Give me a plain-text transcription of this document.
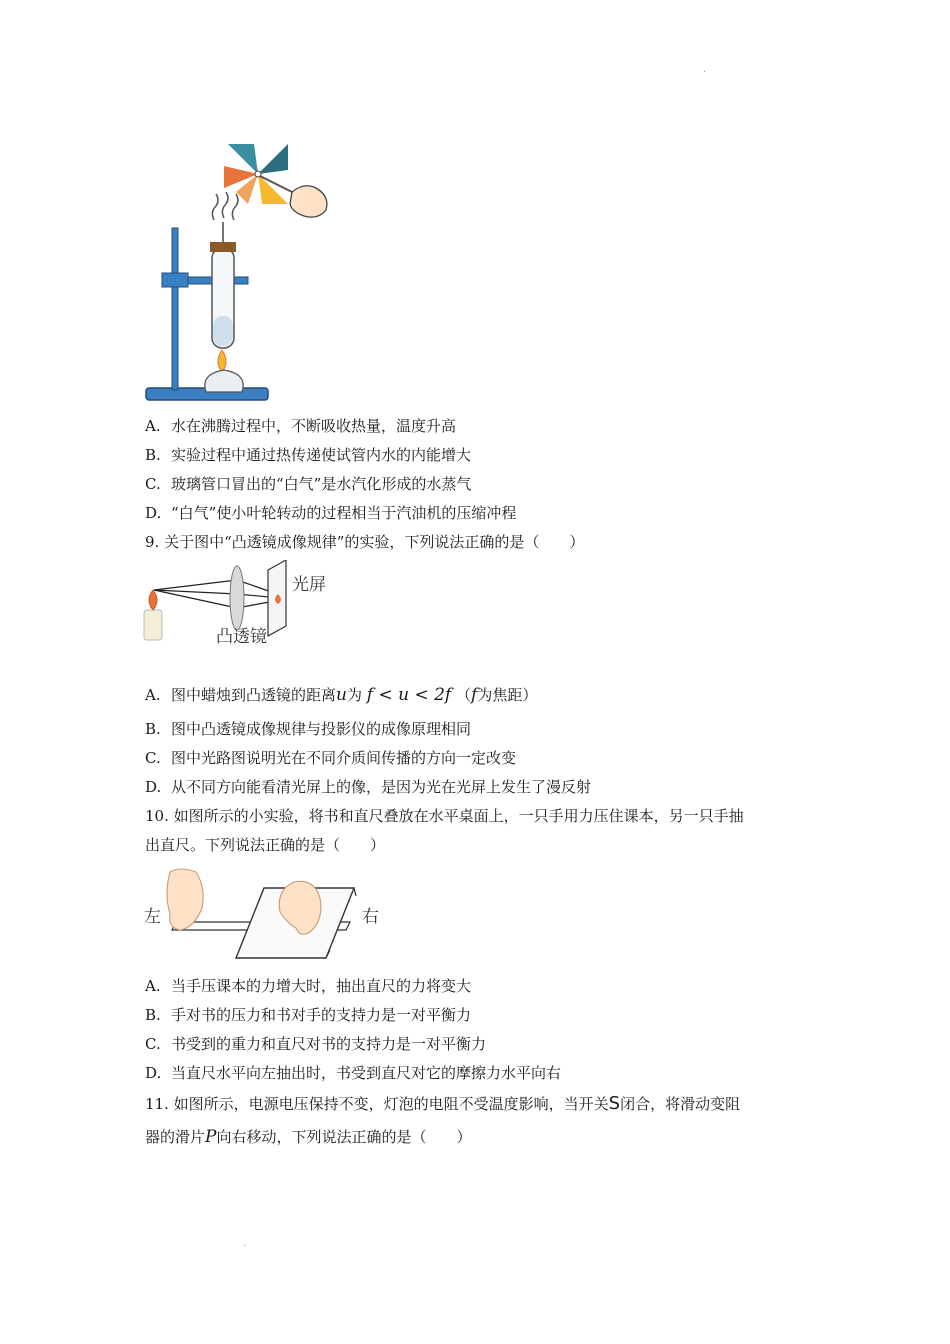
.
.
A. 水在沸腾过程中，不断吸收热量，温度升高
B. 实验过程中通过热传递使试管内水的内能增大
C. 玻璃管口冒出的“白气”是水汽化形成的水蒸气
D. “白气”使小叶轮转动的过程相当于汽油机的压缩冲程
9. 关于图中“凸透镜成像规律”的实验，下列说法正确的是（　　）
光屏
凸透镜
A. 图中蜡烛到凸透镜的距离u为 f < u < 2f （f为焦距）
B. 图中凸透镜成像规律与投影仪的成像原理相同
C. 图中光路图说明光在不同介质间传播的方向一定改变
D. 从不同方向能看清光屏上的像，是因为光在光屏上发生了漫反射
10. 如图所示的小实验，将书和直尺叠放在水平桌面上，一只手用力压住课本，另一只手抽
出直尺。下列说法正确的是（　　）
左	右
A. 当手压课本的力增大时，抽出直尺的力将变大
B. 手对书的压力和书对手的支持力是一对平衡力
C. 书受到的重力和直尺对书的支持力是一对平衡力
D. 当直尺水平向左抽出时，书受到直尺对它的摩擦力水平向右
11. 如图所示，电源电压保持不变，灯泡的电阻不受温度影响，当开关S闭合，将滑动变阻
器的滑片P向右移动，下列说法正确的是（　　）
